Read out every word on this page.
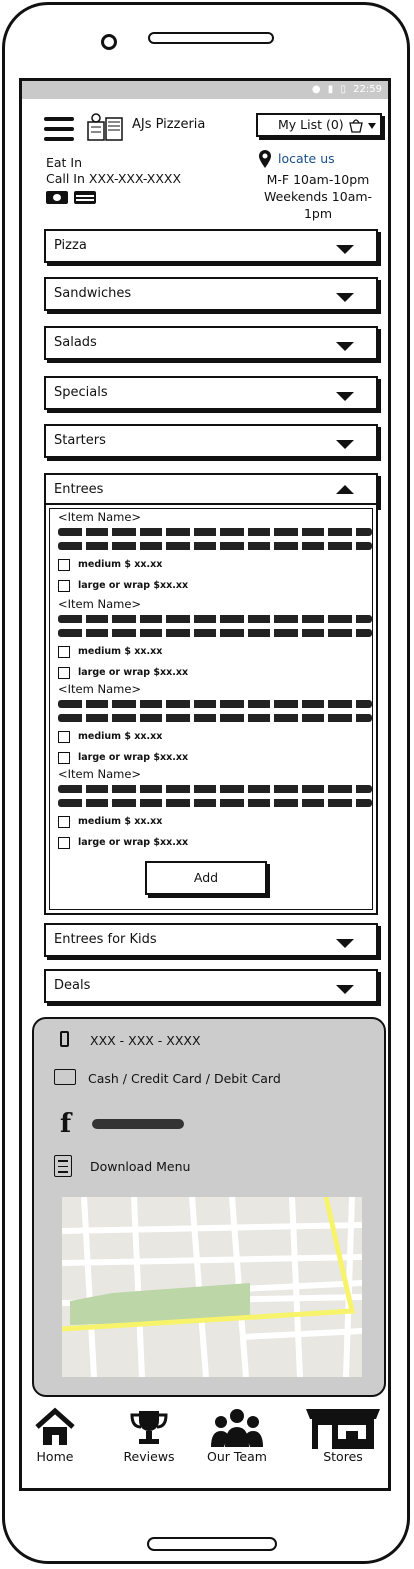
● ▮ ▯ 22:59
AJs Pizzeria	My List (0)
Eat In
Call In XXX-XXX-XXXX
locate us
M-F 10am-10pm
Weekends 10am-1pm
Pizza
Sandwiches
Salads
Specials
Starters
Entrees
<Item Name>
medium $ xx.xx
large or wrap $xx.xx
<Item Name>
medium $ xx.xx
large or wrap $xx.xx
<Item Name>
medium $ xx.xx
large or wrap $xx.xx
<Item Name>
medium $ xx.xx
large or wrap $xx.xx
Add
Entrees for Kids
Deals
XXX - XXX - XXXX
Cash / Credit Card / Debit Card
f
Download Menu
Home	Reviews	Our Team	Stores
